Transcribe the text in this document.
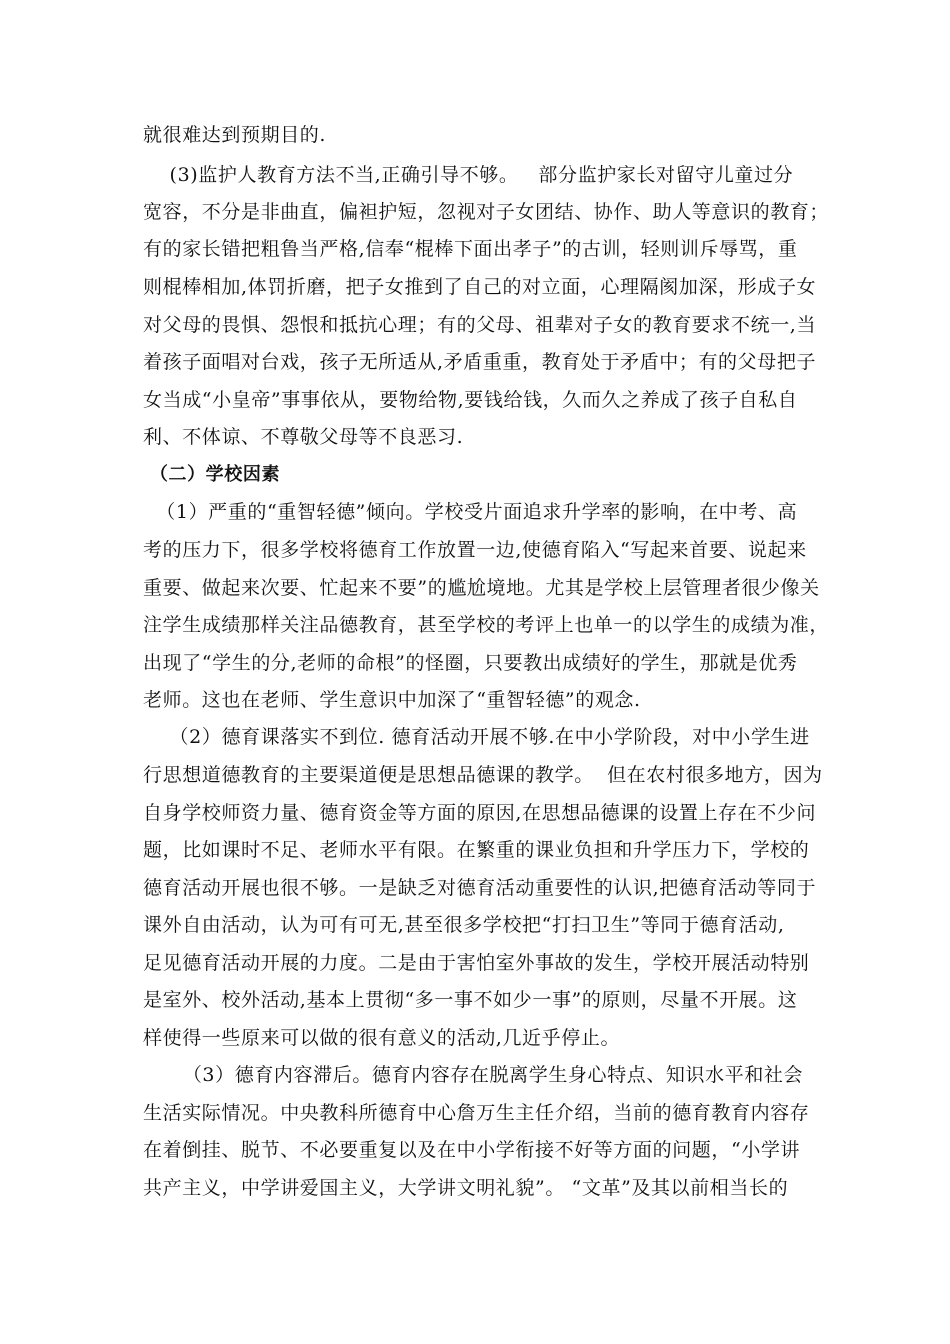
就很难达到预期目的.
(3)监护人教育方法不当,正确引导不够。   部分监护家长对留守儿童过分
宽容，不分是非曲直，偏袒护短，忽视对子女团结、协作、助人等意识的教育；
有的家长错把粗鲁当严格,信奉“棍棒下面出孝子”的古训，轻则训斥辱骂，重
则棍棒相加,体罚折磨，把子女推到了自己的对立面，心理隔阂加深，形成子女
对父母的畏惧、怨恨和抵抗心理；有的父母、祖辈对子女的教育要求不统一,当
着孩子面唱对台戏，孩子无所适从,矛盾重重，教育处于矛盾中；有的父母把子
女当成“小皇帝”事事依从，要物给物,要钱给钱，久而久之养成了孩子自私自
利、不体谅、不尊敬父母等不良恶习.
（二）学校因素
（1）严重的“重智轻德”倾向。学校受片面追求升学率的影响，在中考、高
考的压力下，很多学校将德育工作放置一边,使德育陷入“写起来首要、说起来
重要、做起来次要、忙起来不要”的尴尬境地。尤其是学校上层管理者很少像关
注学生成绩那样关注品德教育，甚至学校的考评上也单一的以学生的成绩为准，
出现了“学生的分,老师的命根”的怪圈，只要教出成绩好的学生，那就是优秀
老师。这也在老师、学生意识中加深了“重智轻德”的观念.
（2）德育课落实不到位. 德育活动开展不够.在中小学阶段，对中小学生进
行思想道德教育的主要渠道便是思想品德课的教学。  但在农村很多地方，因为
自身学校师资力量、德育资金等方面的原因,在思想品德课的设置上存在不少问
题，比如课时不足、老师水平有限。在繁重的课业负担和升学压力下，学校的
德育活动开展也很不够。一是缺乏对德育活动重要性的认识,把德育活动等同于
课外自由活动，认为可有可无,甚至很多学校把“打扫卫生”等同于德育活动,
足见德育活动开展的力度。二是由于害怕室外事故的发生，学校开展活动特别
是室外、校外活动,基本上贯彻“多一事不如少一事”的原则，尽量不开展。这
样使得一些原来可以做的很有意义的活动,几近乎停止。
（3）德育内容滞后。德育内容存在脱离学生身心特点、知识水平和社会
生活实际情况。中央教科所德育中心詹万生主任介绍，当前的德育教育内容存
在着倒挂、脱节、不必要重复以及在中小学衔接不好等方面的问题，“小学讲
共产主义，中学讲爱国主义，大学讲文明礼貌”。 “文革”及其以前相当长的
